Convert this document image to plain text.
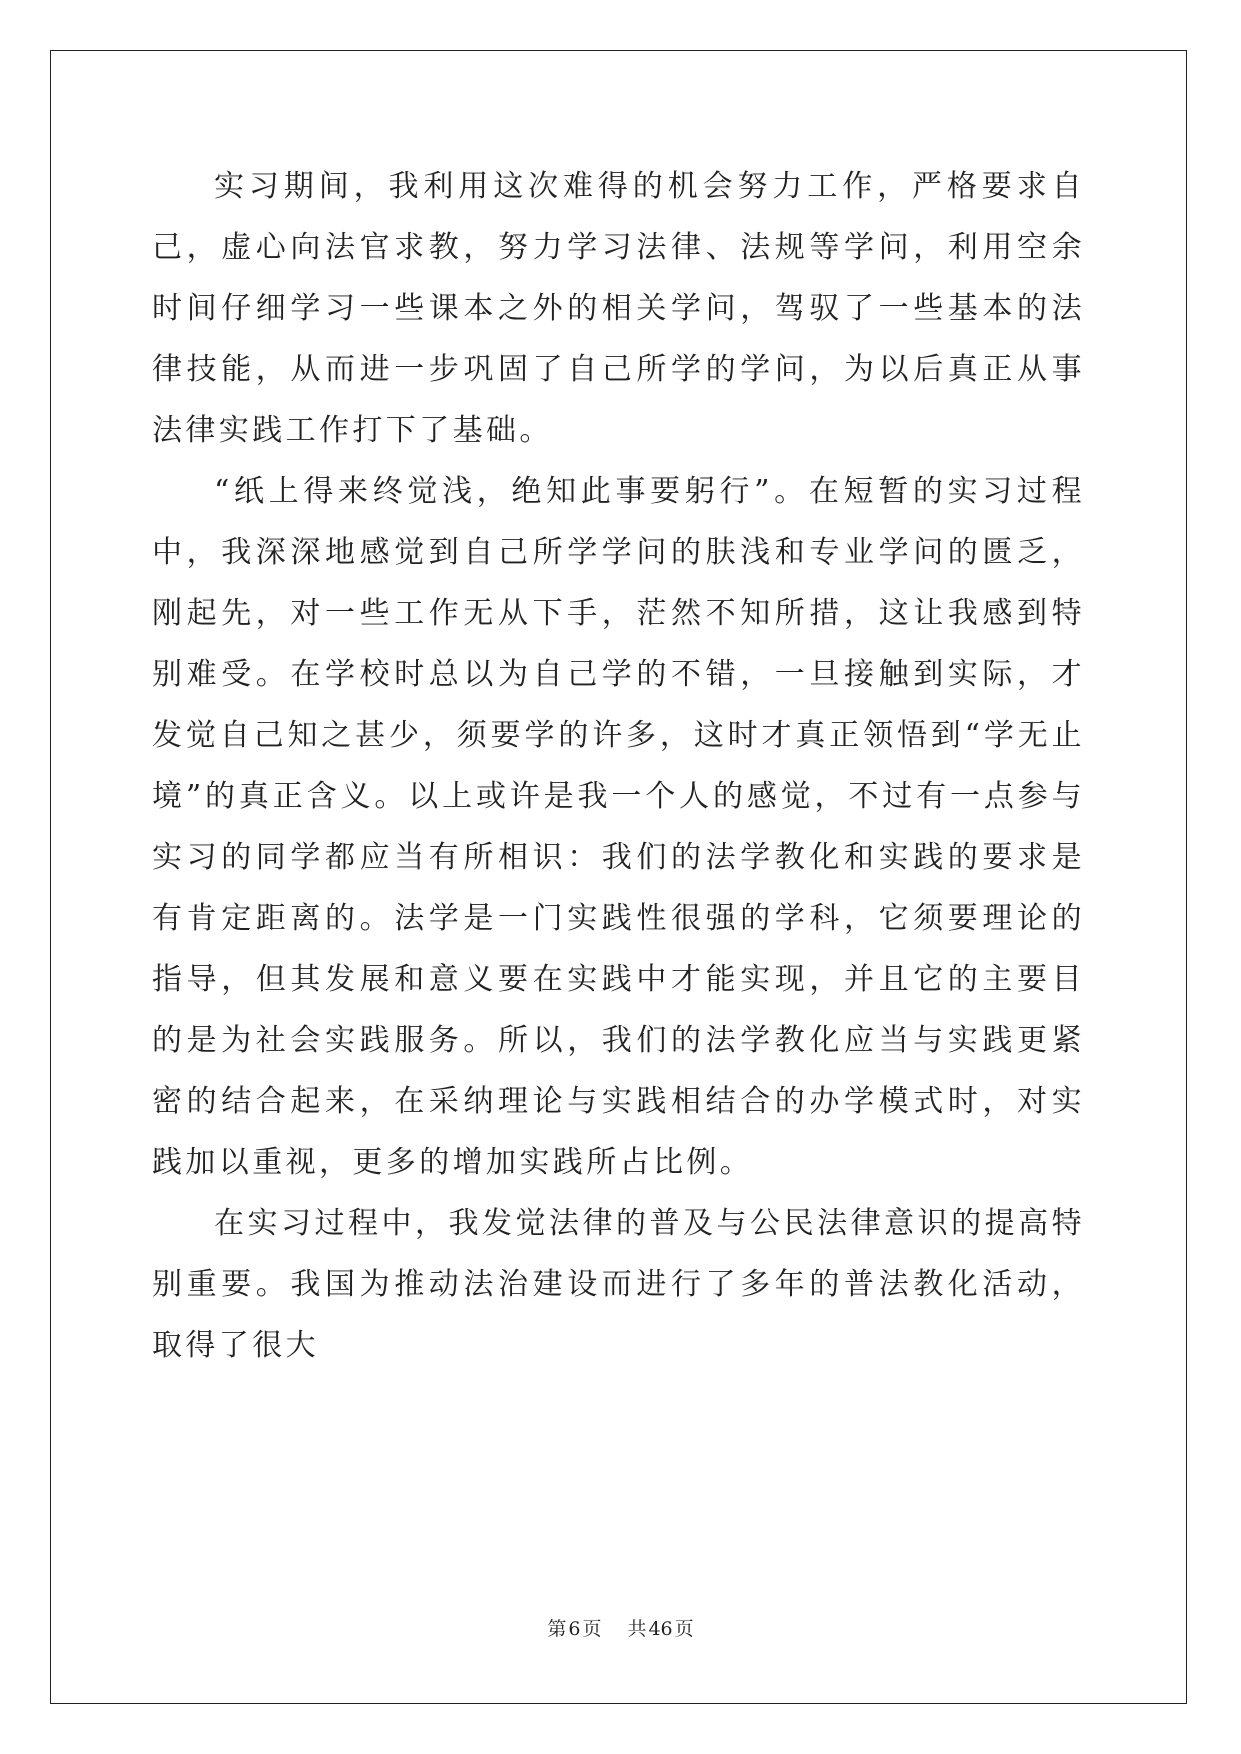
实习期间，我利用这次难得的机会努力工作，严格要求自己，虚心向法官求教，努力学习法律、法规等学问，利用空余时间仔细学习一些课本之外的相关学问，驾驭了一些基本的法律技能，从而进一步巩固了自己所学的学问，为以后真正从事法律实践工作打下了基础。

“纸上得来终觉浅，绝知此事要躬行”。在短暂的实习过程中，我深深地感觉到自己所学学问的肤浅和专业学问的匮乏，刚起先，对一些工作无从下手，茫然不知所措，这让我感到特别难受。在学校时总以为自己学的不错，一旦接触到实际，才发觉自己知之甚少，须要学的许多，这时才真正领悟到“学无止境”的真正含义。以上或许是我一个人的感觉，不过有一点参与实习的同学都应当有所相识：我们的法学教化和实践的要求是有肯定距离的。法学是一门实践性很强的学科，它须要理论的指导，但其发展和意义要在实践中才能实现，并且它的主要目的是为社会实践服务。所以，我们的法学教化应当与实践更紧密的结合起来，在采纳理论与实践相结合的办学模式时，对实践加以重视，更多的增加实践所占比例。

在实习过程中，我发觉法律的普及与公民法律意识的提高特别重要。我国为推动法治建设而进行了多年的普法教化活动，取得了很大

第 6 页 共 46 页
